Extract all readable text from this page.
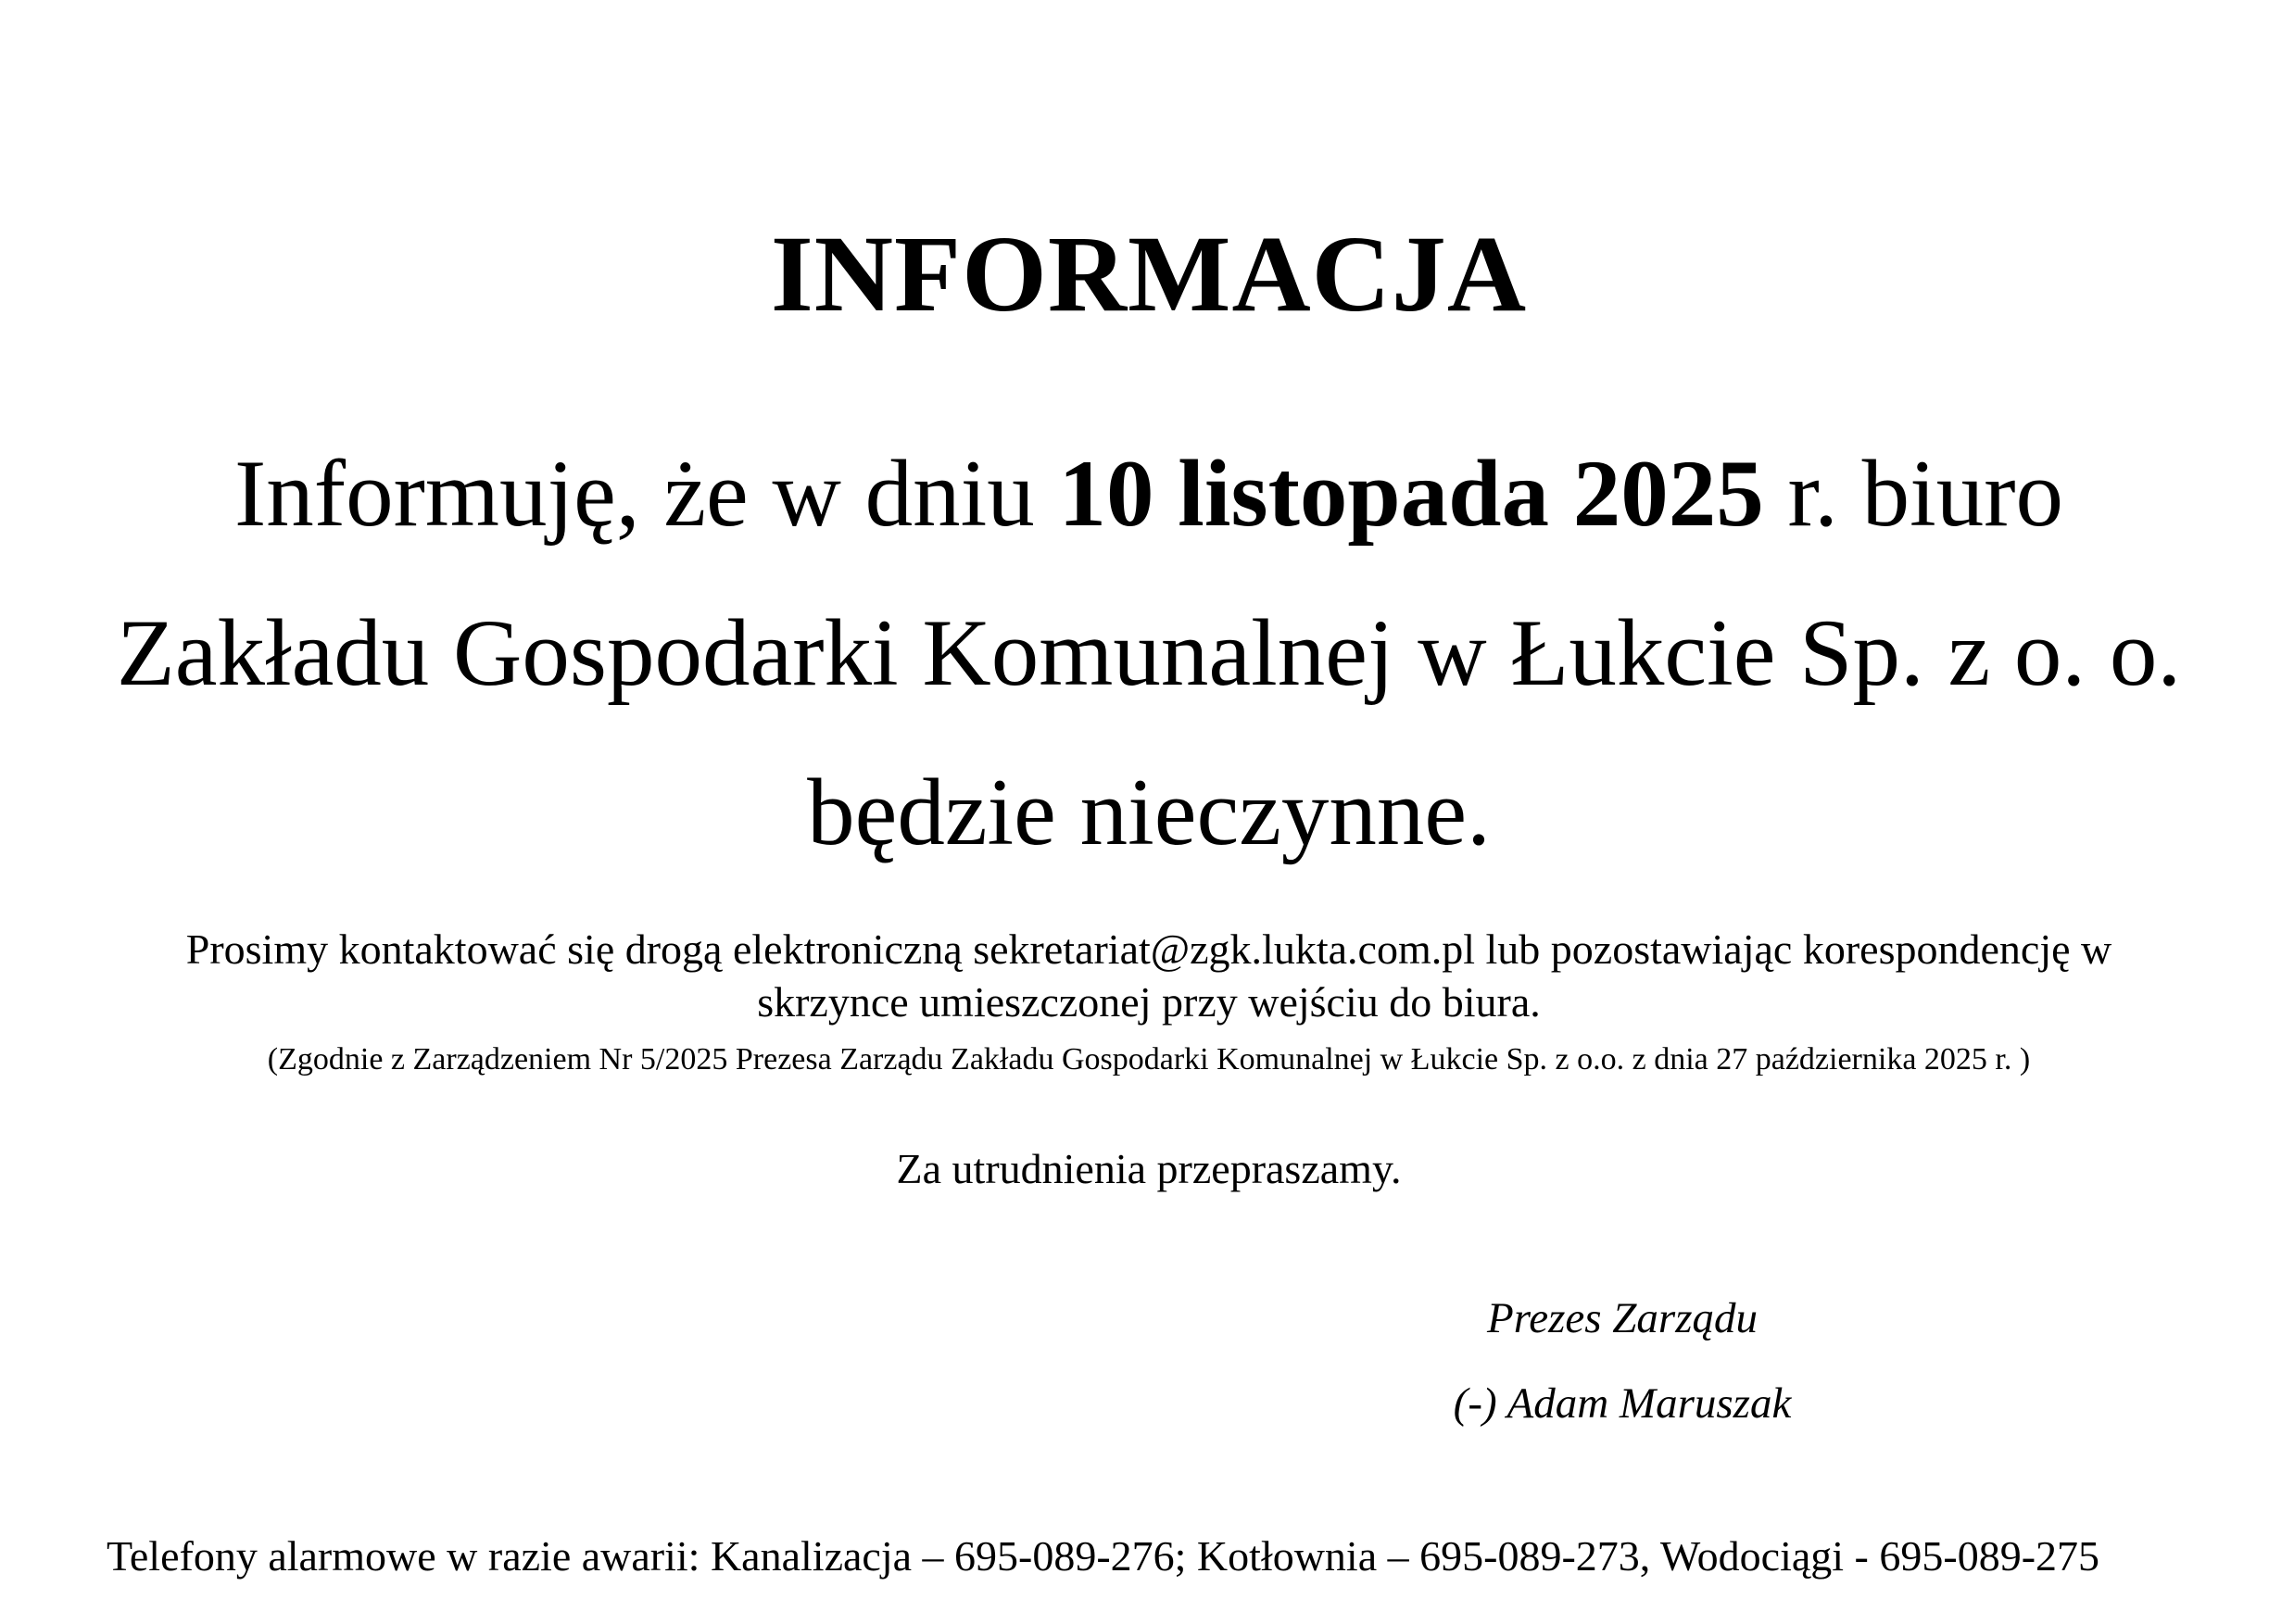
INFORMACJA
Informuję, że w dniu 10 listopada 2025 r. biuro
Zakładu Gospodarki Komunalnej w Łukcie Sp. z o. o.
będzie nieczynne.
Prosimy kontaktować się drogą elektroniczną sekretariat@zgk.lukta.com.pl lub pozostawiając korespondencję w
skrzynce umieszczonej przy wejściu do biura.
(Zgodnie z Zarządzeniem Nr 5/2025 Prezesa Zarządu Zakładu Gospodarki Komunalnej w Łukcie Sp. z o.o. z dnia 27 października 2025 r. )
Za utrudnienia przepraszamy.
Prezes Zarządu
(-) Adam Maruszak
Telefony alarmowe w razie awarii: Kanalizacja – 695-089-276; Kotłownia – 695-089-273, Wodociągi - 695-089-275
